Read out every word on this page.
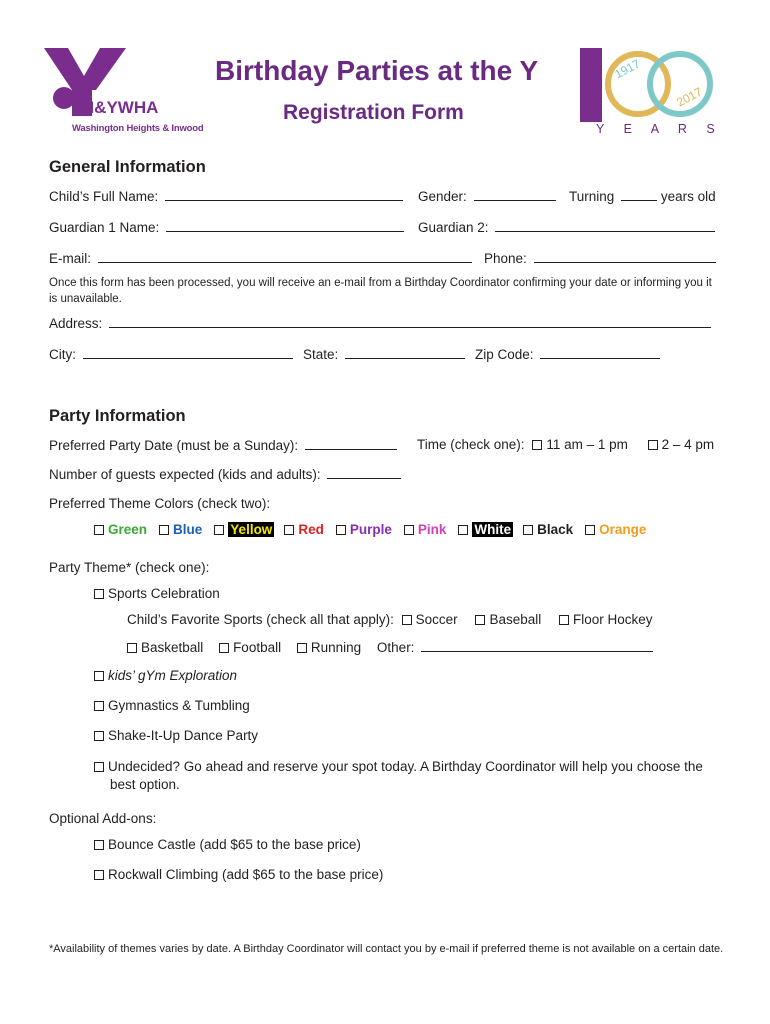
M&YWHA
Washington Heights & Inwood
Birthday Parties at the Y
Registration Form
1917
2017
Y E A R S
General Information
Child’s Full Name:	Gender:	Turning	years old
Guardian 1 Name:	Guardian 2:
E-mail:	Phone:
Once this form has been processed, you will receive an e-mail from a Birthday Coordinator confirming your date or informing you it is unavailable.
Address:
City:	State:	Zip Code:
Party Information
Preferred Party Date (must be a Sunday):	Time (check one): 11 am – 1 pm	2 – 4 pm
Number of guests expected (kids and adults):
Preferred Theme Colors (check two):
Green Blue Yellow Red Purple Pink White Black Orange
Party Theme* (check one):
Sports Celebration
Child’s Favorite Sports (check all that apply): Soccer Baseball Floor Hockey
Basketball Football Running Other:
kids’ gYm Exploration
Gymnastics & Tumbling
Shake-It-Up Dance Party
Undecided? Go ahead and reserve your spot today. A Birthday Coordinator will help you choose the best option.
Optional Add-ons:
Bounce Castle (add $65 to the base price)
Rockwall Climbing (add $65 to the base price)
*Availability of themes varies by date. A Birthday Coordinator will contact you by e-mail if preferred theme is not available on a certain date.
